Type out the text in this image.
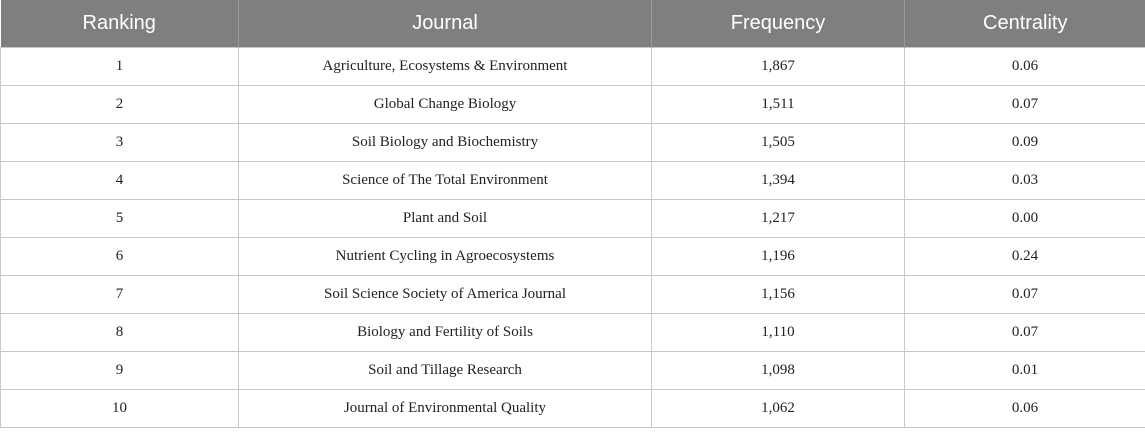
Ranking	Journal	Frequency	Centrality
1	Agriculture, Ecosystems & Environment	1,867	0.06
2	Global Change Biology	1,511	0.07
3	Soil Biology and Biochemistry	1,505	0.09
4	Science of The Total Environment	1,394	0.03
5	Plant and Soil	1,217	0.00
6	Nutrient Cycling in Agroecosystems	1,196	0.24
7	Soil Science Society of America Journal	1,156	0.07
8	Biology and Fertility of Soils	1,110	0.07
9	Soil and Tillage Research	1,098	0.01
10	Journal of Environmental Quality	1,062	0.06
